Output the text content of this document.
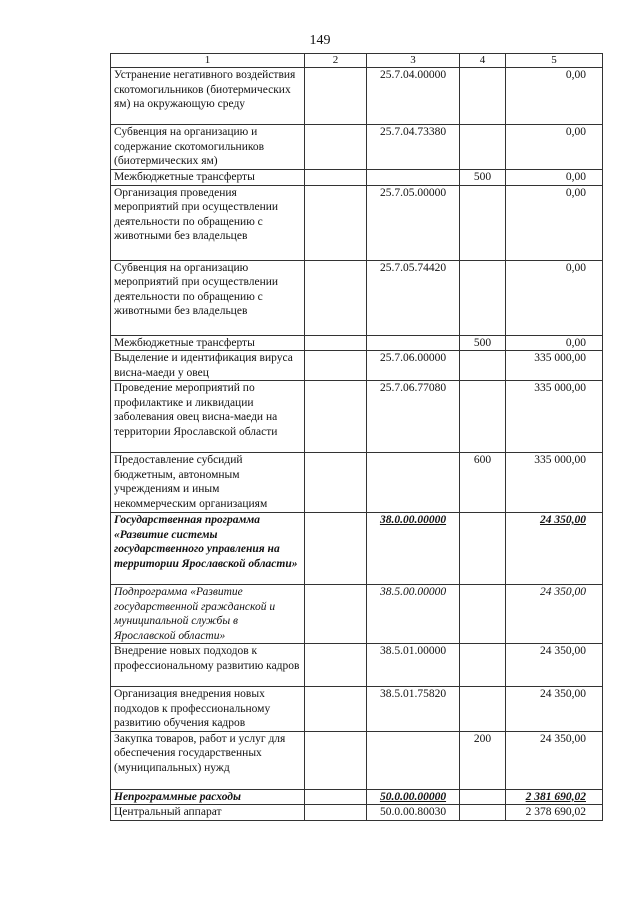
149
1	2	3	4	5
Устранение негативного воздействия скотомогильников (биотермических ям) на окружающую среду		25.7.04.00000		0,00
Субвенция на организацию и содержание скотомогильников (биотермических ям)		25.7.04.73380		0,00
Межбюджетные трансферты			500	0,00
Организация проведения мероприятий при осуществлении деятельности по обращению с животными без владельцев		25.7.05.00000		0,00
Субвенция на организацию мероприятий при осуществлении деятельности по обращению с животными без владельцев		25.7.05.74420		0,00
Межбюджетные трансферты			500	0,00
Выделение и идентификация вируса висна-маеди у овец		25.7.06.00000		335 000,00
Проведение мероприятий по профилактике и ликвидации заболевания овец висна-маеди на территории Ярославской области		25.7.06.77080		335 000,00
Предоставление субсидий бюджетным, автономным учреждениям и иным некоммерческим организациям			600	335 000,00
Государственная программа «Развитие системы государственного управления на территории Ярославской области»		38.0.00.00000		24 350,00
Подпрограмма «Развитие государственной гражданской и муниципальной службы в Ярославской области»		38.5.00.00000		24 350,00
Внедрение новых подходов к профессиональному развитию кадров		38.5.01.00000		24 350,00
Организация внедрения новых подходов к профессиональному развитию обучения кадров		38.5.01.75820		24 350,00
Закупка товаров, работ и услуг для обеспечения государственных (муниципальных) нужд			200	24 350,00
Непрограммные расходы		50.0.00.00000		2 381 690,02
Центральный аппарат		50.0.00.80030		2 378 690,02
